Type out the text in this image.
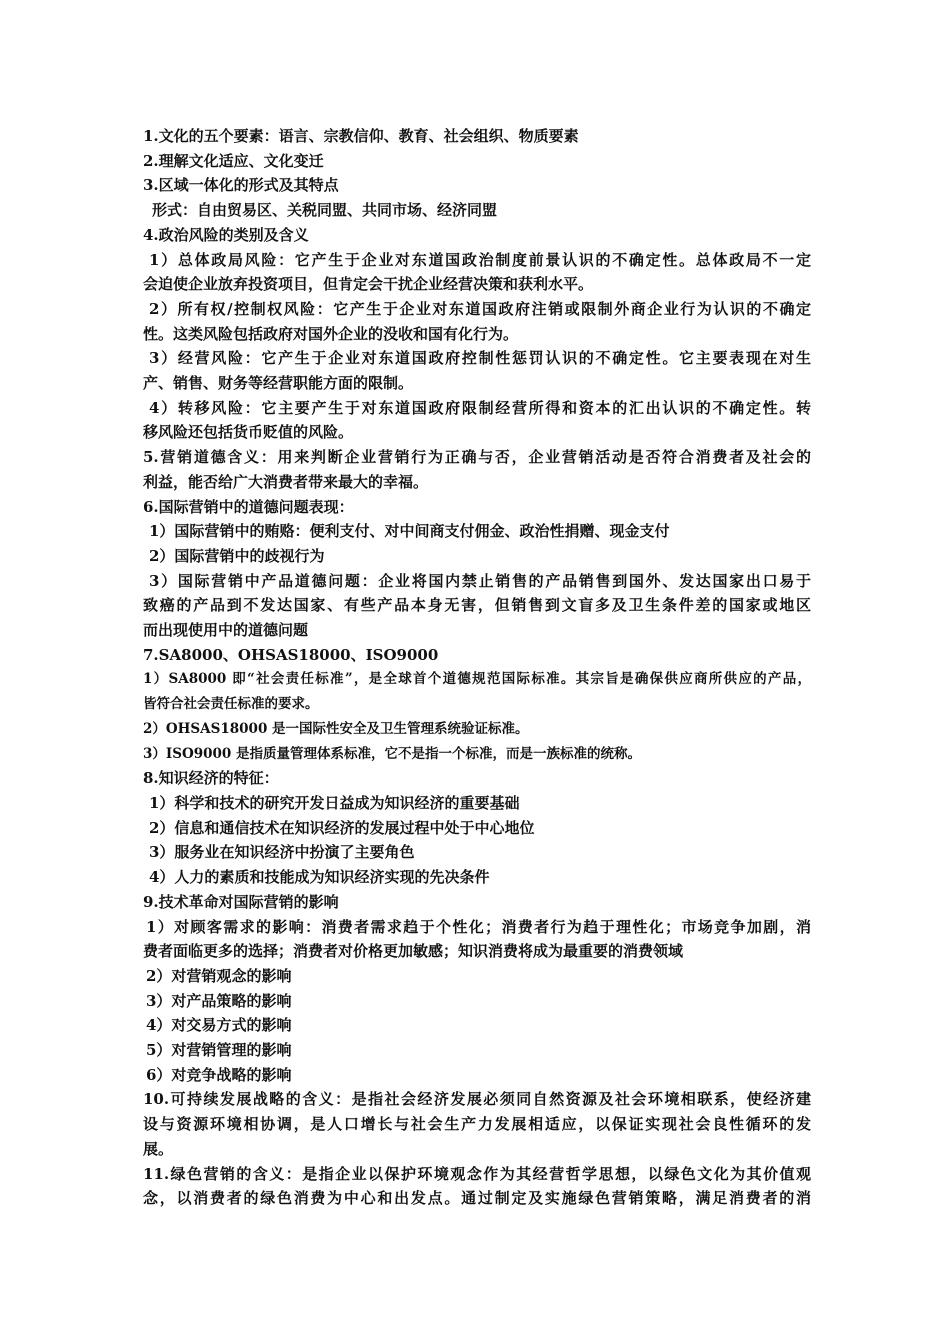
1.文化的五个要素：语言、宗教信仰、教育、社会组织、物质要素
2.理解文化适应、文化变迁
3.区域一体化的形式及其特点
形式：自由贸易区、关税同盟、共同市场、经济同盟
4.政治风险的类别及含义
1）总体政局风险：它产生于企业对东道国政治制度前景认识的不确定性。总体政局不一定
会迫使企业放弃投资项目，但肯定会干扰企业经营决策和获利水平。
2）所有权/控制权风险：它产生于企业对东道国政府注销或限制外商企业行为认识的不确定
性。这类风险包括政府对国外企业的没收和国有化行为。
3）经营风险：它产生于企业对东道国政府控制性惩罚认识的不确定性。它主要表现在对生
产、销售、财务等经营职能方面的限制。
4）转移风险：它主要产生于对东道国政府限制经营所得和资本的汇出认识的不确定性。转
移风险还包括货币贬值的风险。
5.营销道德含义：用来判断企业营销行为正确与否，企业营销活动是否符合消费者及社会的
利益，能否给广大消费者带来最大的幸福。
6.国际营销中的道德问题表现：
1）国际营销中的贿赂：便利支付、对中间商支付佣金、政治性捐赠、现金支付
2）国际营销中的歧视行为
3）国际营销中产品道德问题：企业将国内禁止销售的产品销售到国外、发达国家出口易于
致癌的产品到不发达国家、有些产品本身无害，但销售到文盲多及卫生条件差的国家或地区
而出现使用中的道德问题
7.SA8000、OHSAS18000、ISO9000
1）SA8000 即“社会责任标准”，是全球首个道德规范国际标准。其宗旨是确保供应商所供应的产品，
皆符合社会责任标准的要求。
2）OHSAS18000 是一国际性安全及卫生管理系统验证标准。
3）ISO9000 是指质量管理体系标准，它不是指一个标准，而是一族标准的统称。
8.知识经济的特征：
1）科学和技术的研究开发日益成为知识经济的重要基础
2）信息和通信技术在知识经济的发展过程中处于中心地位
3）服务业在知识经济中扮演了主要角色
4）人力的素质和技能成为知识经济实现的先决条件
9.技术革命对国际营销的影响
1）对顾客需求的影响：消费者需求趋于个性化；消费者行为趋于理性化；市场竞争加剧，消
费者面临更多的选择；消费者对价格更加敏感；知识消费将成为最重要的消费领域
2）对营销观念的影响
3）对产品策略的影响
4）对交易方式的影响
5）对营销管理的影响
6）对竞争战略的影响
10.可持续发展战略的含义：是指社会经济发展必须同自然资源及社会环境相联系，使经济建
设与资源环境相协调，是人口增长与社会生产力发展相适应，以保证实现社会良性循环的发
展。
11.绿色营销的含义：是指企业以保护环境观念作为其经营哲学思想，以绿色文化为其价值观
念，以消费者的绿色消费为中心和出发点。通过制定及实施绿色营销策略，满足消费者的消
